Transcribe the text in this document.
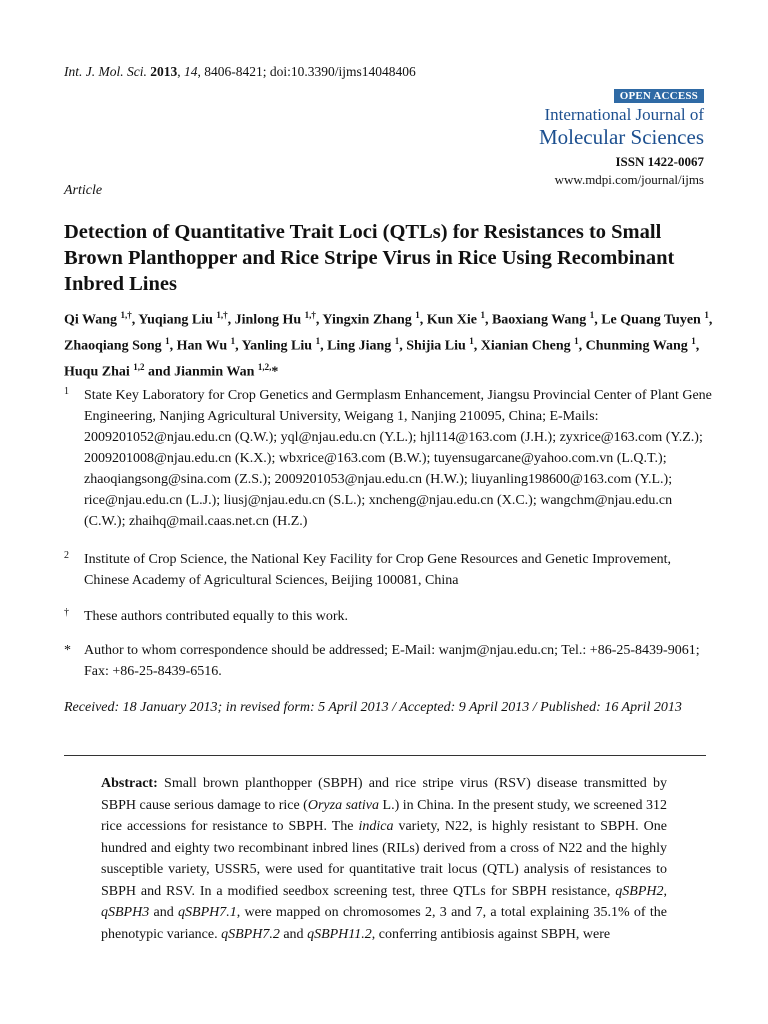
Int. J. Mol. Sci. 2013, 14, 8406-8421; doi:10.3390/ijms14048406
OPEN ACCESS
International Journal of
Molecular Sciences
ISSN 1422-0067
www.mdpi.com/journal/ijms
Article
Detection of Quantitative Trait Loci (QTLs) for Resistances to Small Brown Planthopper and Rice Stripe Virus in Rice Using Recombinant Inbred Lines
Qi Wang $^{1,\dagger}$, Yuqiang Liu $^{1,\dagger}$, Jinlong Hu $^{1,\dagger}$, Yingxin Zhang $^1$, Kun Xie $^1$, Baoxiang Wang $^1$, Le Quang Tuyen $^1$, Zhaoqiang Song $^1$, Han Wu $^1$, Yanling Liu $^1$, Ling Jiang $^1$, Shijia Liu $^1$, Xianian Cheng $^1$, Chunming Wang $^1$, Huqu Zhai $^{1,2}$ and Jianmin Wan $^{1,2,}$*
1 State Key Laboratory for Crop Genetics and Germplasm Enhancement, Jiangsu Provincial Center of Plant Gene Engineering, Nanjing Agricultural University, Weigang 1, Nanjing 210095, China; E-Mails: 2009201052@njau.edu.cn (Q.W.); yql@njau.edu.cn (Y.L.); hjl114@163.com (J.H.); zyxrice@163.com (Y.Z.); 2009201008@njau.edu.cn (K.X.); wbxrice@163.com (B.W.); tuyensugarcane@yahoo.com.vn (L.Q.T.); zhaoqiangsong@sina.com (Z.S.); 2009201053@njau.edu.cn (H.W.); liuyanling198600@163.com (Y.L.); rice@njau.edu.cn (L.J.); liusj@njau.edu.cn (S.L.); xncheng@njau.edu.cn (X.C.); wangchm@njau.edu.cn (C.W.); zhaihq@mail.caas.net.cn (H.Z.)
2 Institute of Crop Science, the National Key Facility for Crop Gene Resources and Genetic Improvement, Chinese Academy of Agricultural Sciences, Beijing 100081, China
† These authors contributed equally to this work.
* Author to whom correspondence should be addressed; E-Mail: wanjm@njau.edu.cn; Tel.: +86-25-8439-9061; Fax: +86-25-8439-6516.
Received: 18 January 2013; in revised form: 5 April 2013 / Accepted: 9 April 2013 / Published: 16 April 2013
Abstract: Small brown planthopper (SBPH) and rice stripe virus (RSV) disease transmitted by SBPH cause serious damage to rice (Oryza sativa L.) in China. In the present study, we screened 312 rice accessions for resistance to SBPH. The indica variety, N22, is highly resistant to SBPH. One hundred and eighty two recombinant inbred lines (RILs) derived from a cross of N22 and the highly susceptible variety, USSR5, were used for quantitative trait locus (QTL) analysis of resistances to SBPH and RSV. In a modified seedbox screening test, three QTLs for SBPH resistance, qSBPH2, qSBPH3 and qSBPH7.1, were mapped on chromosomes 2, 3 and 7, a total explaining 35.1% of the phenotypic variance. qSBPH7.2 and qSBPH11.2, conferring antibiosis against SBPH, were
